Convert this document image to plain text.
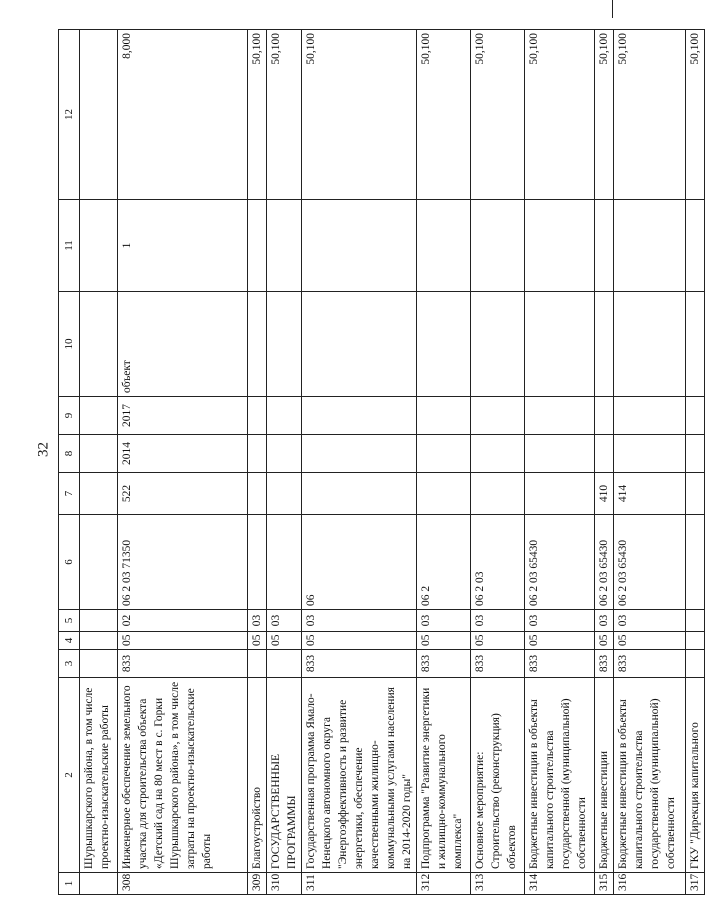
32
1	2	3	4	5	6	7	8	9	10	11	12
	Шурышкарского района, в том числе проектно-изыскательские работы										
308	Инженерное обеспечение земельного участка для строительства объекта «Детский сад на 80 мест в с. Горки Шурышкарского района», в том числе затраты на проектно-изыскательские работы	833	05	02	06 2 03 71350	522	2014	2017	объект	1	8,000
309	Благоустройство		05	03							50,100
310	ГОСУДАРСТВЕННЫЕ ПРОГРАММЫ		05	03							50,100
311	Государственная программа Ямало-Ненецкого автономного округа "Энергоэффективность и развитие энергетики, обеспечение качественными жилищно-коммунальными услугами населения на 2014-2020 годы"	833	05	03	06						50,100
312	Подпрограмма "Развитие энергетики и жилищно-коммунального комплекса"	833	05	03	06 2						50,100
313	Основное мероприятие: Строительство (реконструкция) объектов	833	05	03	06 2 03						50,100
314	Бюджетные инвестиции в объекты капитального строительства государственной (муниципальной) собственности	833	05	03	06 2 03 65430						50,100
315	Бюджетные инвестиции	833	05	03	06 2 03 65430	410					50,100
316	Бюджетные инвестиции в объекты капитального строительства государственной (муниципальной) собственности	833	05	03	06 2 03 65430	414					50,100
317	ГКУ "Дирекция капитального										50,100
